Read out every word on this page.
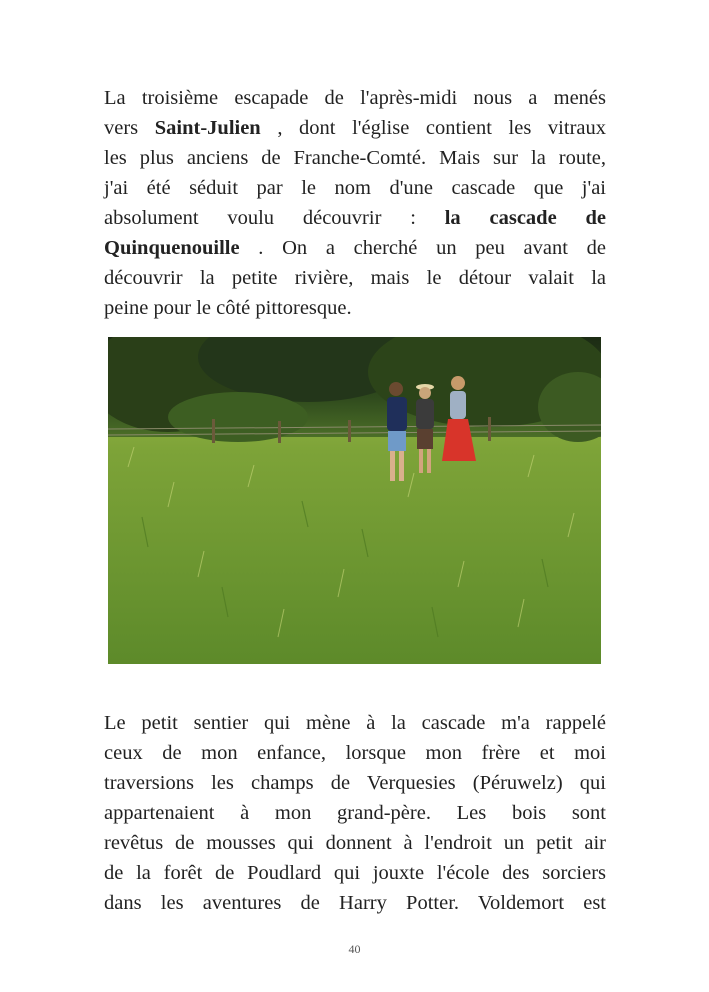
La troisième escapade de l'après-midi nous a menés
vers Saint-Julien , dont l'église contient les vitraux
les plus anciens de Franche-Comté. Mais sur la route,
j'ai été séduit par le nom d'une cascade que j'ai
absolument voulu découvrir : la cascade de
Quinquenouille . On a cherché un peu avant de
découvrir la petite rivière, mais le détour valait la
peine pour le côté pittoresque.
Le petit sentier qui mène à la cascade m'a rappelé
ceux de mon enfance, lorsque mon frère et moi
traversions les champs de Verquesies (Péruwelz) qui
appartenaient à mon grand-père. Les bois sont
revêtus de mousses qui donnent à l'endroit un petit air
de la forêt de Poudlard qui jouxte l'école des sorciers
dans les aventures de Harry Potter. Voldemort est
40
